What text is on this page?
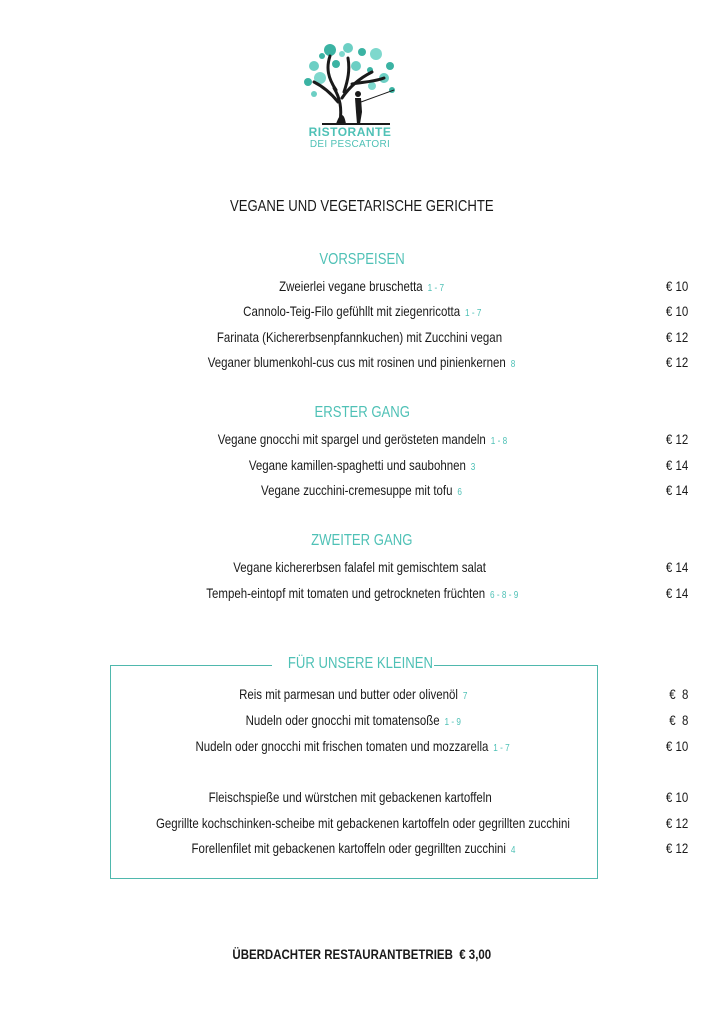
RISTORANTE
DEI PESCATORI
VEGANE UND VEGETARISCHE GERICHTE
VORSPEISEN
Zweierlei vegane bruschetta 1 - 7	€ 10
Cannolo-Teig-Filo gefühllt mit ziegenricotta 1 - 7	€ 10
Farinata (Kichererbsenpfannkuchen) mit Zucchini vegan	€ 12
Veganer blumenkohl-cus cus mit rosinen und pinienkernen 8	€ 12
ERSTER GANG
Vegane gnocchi mit spargel und gerösteten mandeln 1 - 8	€ 12
Vegane kamillen-spaghetti und saubohnen 3	€ 14
Vegane zucchini-cremesuppe mit tofu 6	€ 14
ZWEITER GANG
Vegane kichererbsen falafel mit gemischtem salat	€ 14
Tempeh-eintopf mit tomaten und getrockneten früchten 6 - 8 - 9	€ 14
FÜR UNSERE KLEINEN
Reis mit parmesan und butter oder olivenöl 7	€  8
Nudeln oder gnocchi mit tomatensoße 1 - 9	€  8
Nudeln oder gnocchi mit frischen tomaten und mozzarella 1 - 7	€ 10
Fleischspieße und würstchen mit gebackenen kartoffeln	€ 10
Gegrillte kochschinken-scheibe mit gebackenen kartoffeln oder gegrillten zucchini	€ 12
Forellenfilet mit gebackenen kartoffeln oder gegrillten zucchini 4	€ 12
ÜBERDACHTER RESTAURANTBETRIEB  € 3,00
